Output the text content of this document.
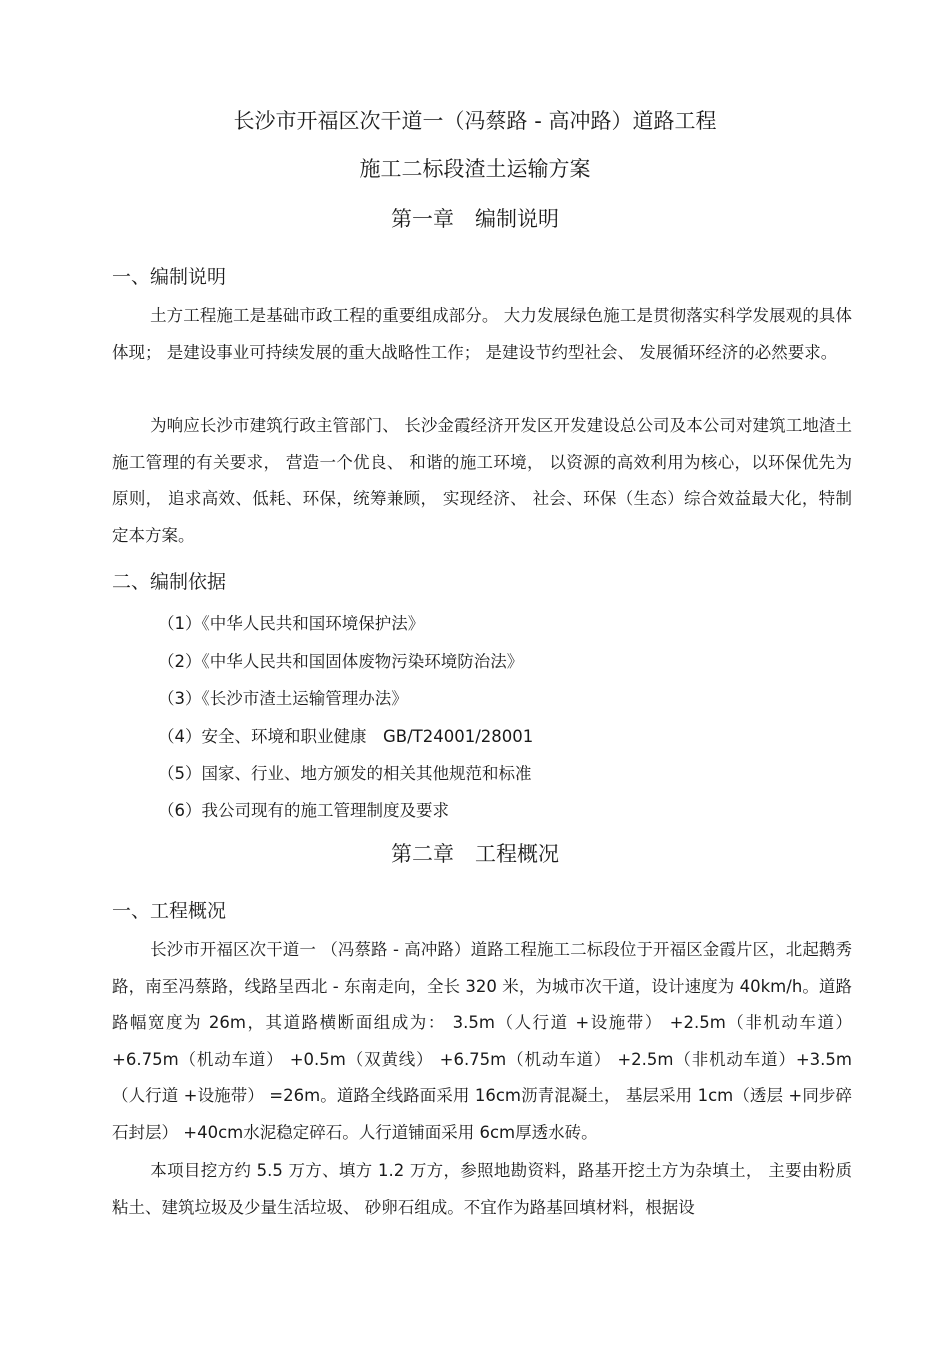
长沙市开福区次干道一（冯蔡路 - 高冲路）道路工程
施工二标段渣土运输方案
第一章　编制说明
一、编制说明
土方工程施工是基础市政工程的重要组成部分。 大力发展绿色施工是贯彻落实科学发展观的具体体现； 是建设事业可持续发展的重大战略性工作； 是建设节约型社会、 发展循环经济的必然要求。
为响应长沙市建筑行政主管部门、 长沙金霞经济开发区开发建设总公司及本公司对建筑工地渣土施工管理的有关要求， 营造一个优良、 和谐的施工环境， 以资源的高效利用为核心，以环保优先为原则， 追求高效、低耗、环保，统筹兼顾， 实现经济、 社会、环保（生态）综合效益最大化，特制定本方案。
二、编制依据
（1）《中华人民共和国环境保护法》
（2）《中华人民共和国固体废物污染环境防治法》
（3）《长沙市渣土运输管理办法》
（4）安全、环境和职业健康　GB/T24001/28001
（5）国家、行业、地方颁发的相关其他规范和标准
（6）我公司现有的施工管理制度及要求
第二章　工程概况
一、工程概况
长沙市开福区次干道一 （冯蔡路 - 高冲路）道路工程施工二标段位于开福区金霞片区，北起鹅秀路，南至冯蔡路，线路呈西北 - 东南走向，全长 320 米，为城市次干道，设计速度为 40km/h。道路路幅宽度为 26m，其道路横断面组成为： 3.5m（人行道 +设施带） +2.5m（非机动车道） +6.75m（机动车道） +0.5m（双黄线） +6.75m（机动车道） +2.5m（非机动车道）+3.5m（人行道 +设施带） =26m。道路全线路面采用 16cm沥青混凝土， 基层采用 1cm（透层 +同步碎石封层） +40cm水泥稳定碎石。人行道铺面采用 6cm厚透水砖。
本项目挖方约 5.5 万方、填方 1.2 万方，参照地勘资料，路基开挖土方为杂填土， 主要由粉质粘土、建筑垃圾及少量生活垃圾、 砂卵石组成。不宜作为路基回填材料，根据设
